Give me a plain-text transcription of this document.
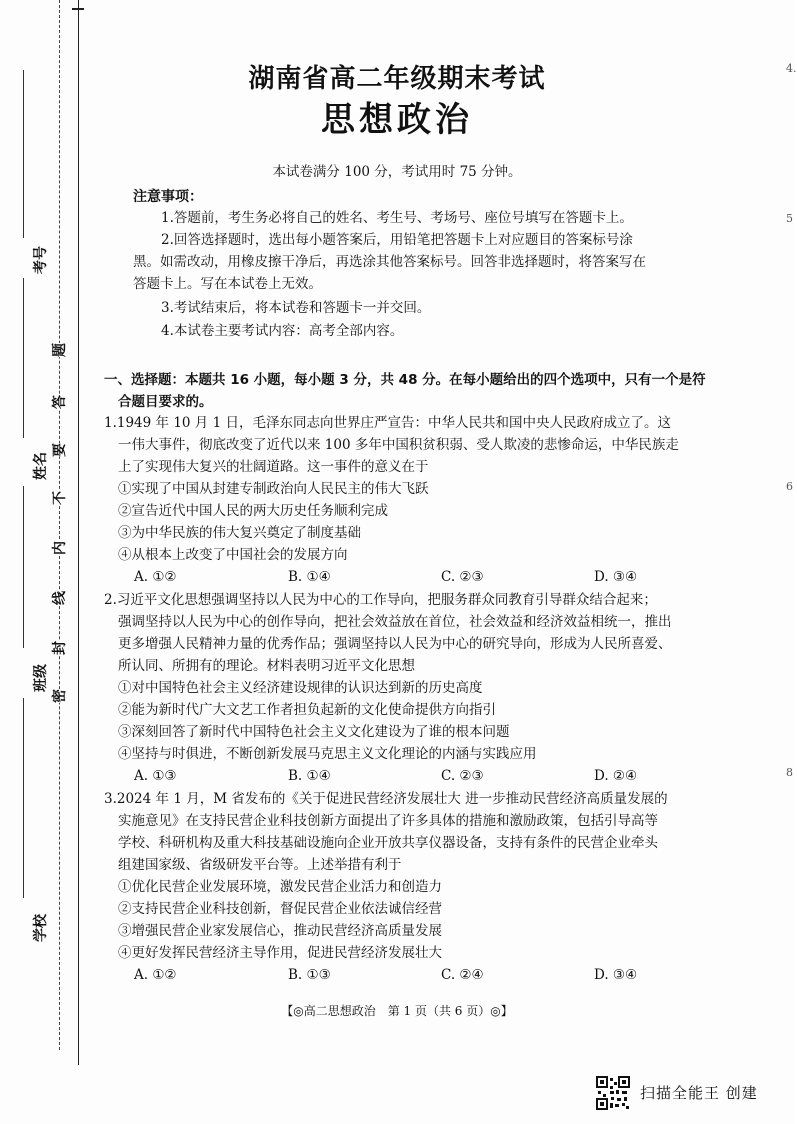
考号
姓名
班级
学校
题
答
要
不
内
线
封
密
湖南省高二年级期末考试
思想政治
本试卷满分 100 分，考试用时 75 分钟。
注意事项：
1.答题前，考生务必将自己的姓名、考生号、考场号、座位号填写在答题卡上。
2.回答选择题时，选出每小题答案后，用铅笔把答题卡上对应题目的答案标号涂
黑。如需改动，用橡皮擦干净后，再选涂其他答案标号。回答非选择题时，将答案写在
答题卡上。写在本试卷上无效。
3.考试结束后，将本试卷和答题卡一并交回。
4.本试卷主要考试内容：高考全部内容。
一、选择题：本题共 16 小题，每小题 3 分，共 48 分。在每小题给出的四个选项中，只有一个是符
合题目要求的。
1.1949 年 10 月 1 日，毛泽东同志向世界庄严宣告：中华人民共和国中央人民政府成立了。这
一伟大事件，彻底改变了近代以来 100 多年中国积贫积弱、受人欺凌的悲惨命运，中华民族走
上了实现伟大复兴的壮阔道路。这一事件的意义在于
①实现了中国从封建专制政治向人民民主的伟大飞跃
②宣告近代中国人民的两大历史任务顺利完成
③为中华民族的伟大复兴奠定了制度基础
④从根本上改变了中国社会的发展方向
A. ①②	B. ①④	C. ②③	D. ③④
2.习近平文化思想强调坚持以人民为中心的工作导向，把服务群众同教育引导群众结合起来；
强调坚持以人民为中心的创作导向，把社会效益放在首位，社会效益和经济效益相统一，推出
更多增强人民精神力量的优秀作品；强调坚持以人民为中心的研究导向，形成为人民所喜爱、
所认同、所拥有的理论。材料表明习近平文化思想
①对中国特色社会主义经济建设规律的认识达到新的历史高度
②能为新时代广大文艺工作者担负起新的文化使命提供方向指引
③深刻回答了新时代中国特色社会主义文化建设为了谁的根本问题
④坚持与时俱进，不断创新发展马克思主义文化理论的内涵与实践应用
A. ①③	B. ①④	C. ②③	D. ②④
3.2024 年 1 月，M 省发布的《关于促进民营经济发展壮大 进一步推动民营经济高质量发展的
实施意见》在支持民营企业科技创新方面提出了许多具体的措施和激励政策，包括引导高等
学校、科研机构及重大科技基础设施向企业开放共享仪器设备，支持有条件的民营企业牵头
组建国家级、省级研发平台等。上述举措有利于
①优化民营企业发展环境，激发民营企业活力和创造力
②支持民营企业科技创新，督促民营企业依法诚信经营
③增强民营企业家发展信心，推动民营经济高质量发展
④更好发挥民营经济主导作用，促进民营经济发展壮大
A. ①②	B. ①③	C. ②④	D. ③④
【◎高二思想政治　第 1 页（共 6 页）◎】
4.
5
6
8
扫描全能王 创建
